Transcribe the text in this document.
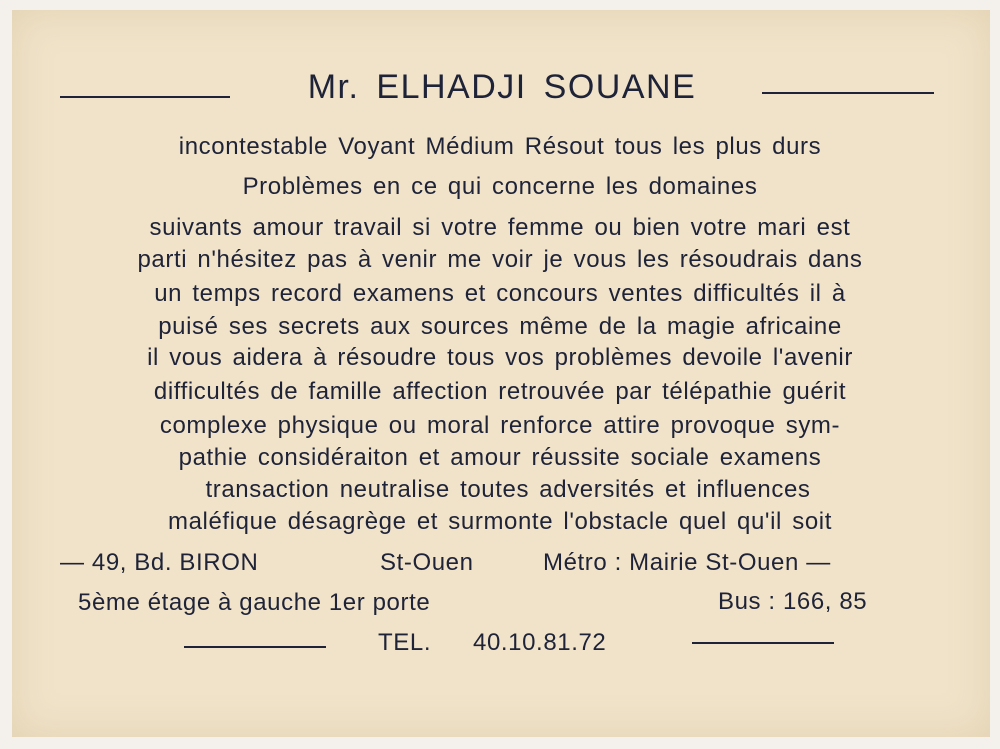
Mr. ELHADJI SOUANE
incontestable Voyant Médium Résout tous les plus durs
Problèmes en ce qui concerne les domaines
suivants amour travail si votre femme ou bien votre mari est
parti n'hésitez pas à venir me voir je vous les résoudrais dans
un temps record examens et concours ventes difficultés il à
puisé ses secrets aux sources même de la magie africaine
il vous aidera à résoudre tous vos problèmes devoile l'avenir
difficultés de famille affection retrouvée par télépathie guérit
complexe physique ou moral renforce attire provoque sym-
pathie considéraiton et amour réussite sociale examens
transaction neutralise toutes adversités et influences
maléfique désagrège et surmonte l'obstacle quel qu'il soit
— 49, Bd. BIRON	St-Ouen	Métro : Mairie St-Ouen —
5ème étage à gauche 1er porte	Bus : 166, 85
TEL. 40.10.81.72
